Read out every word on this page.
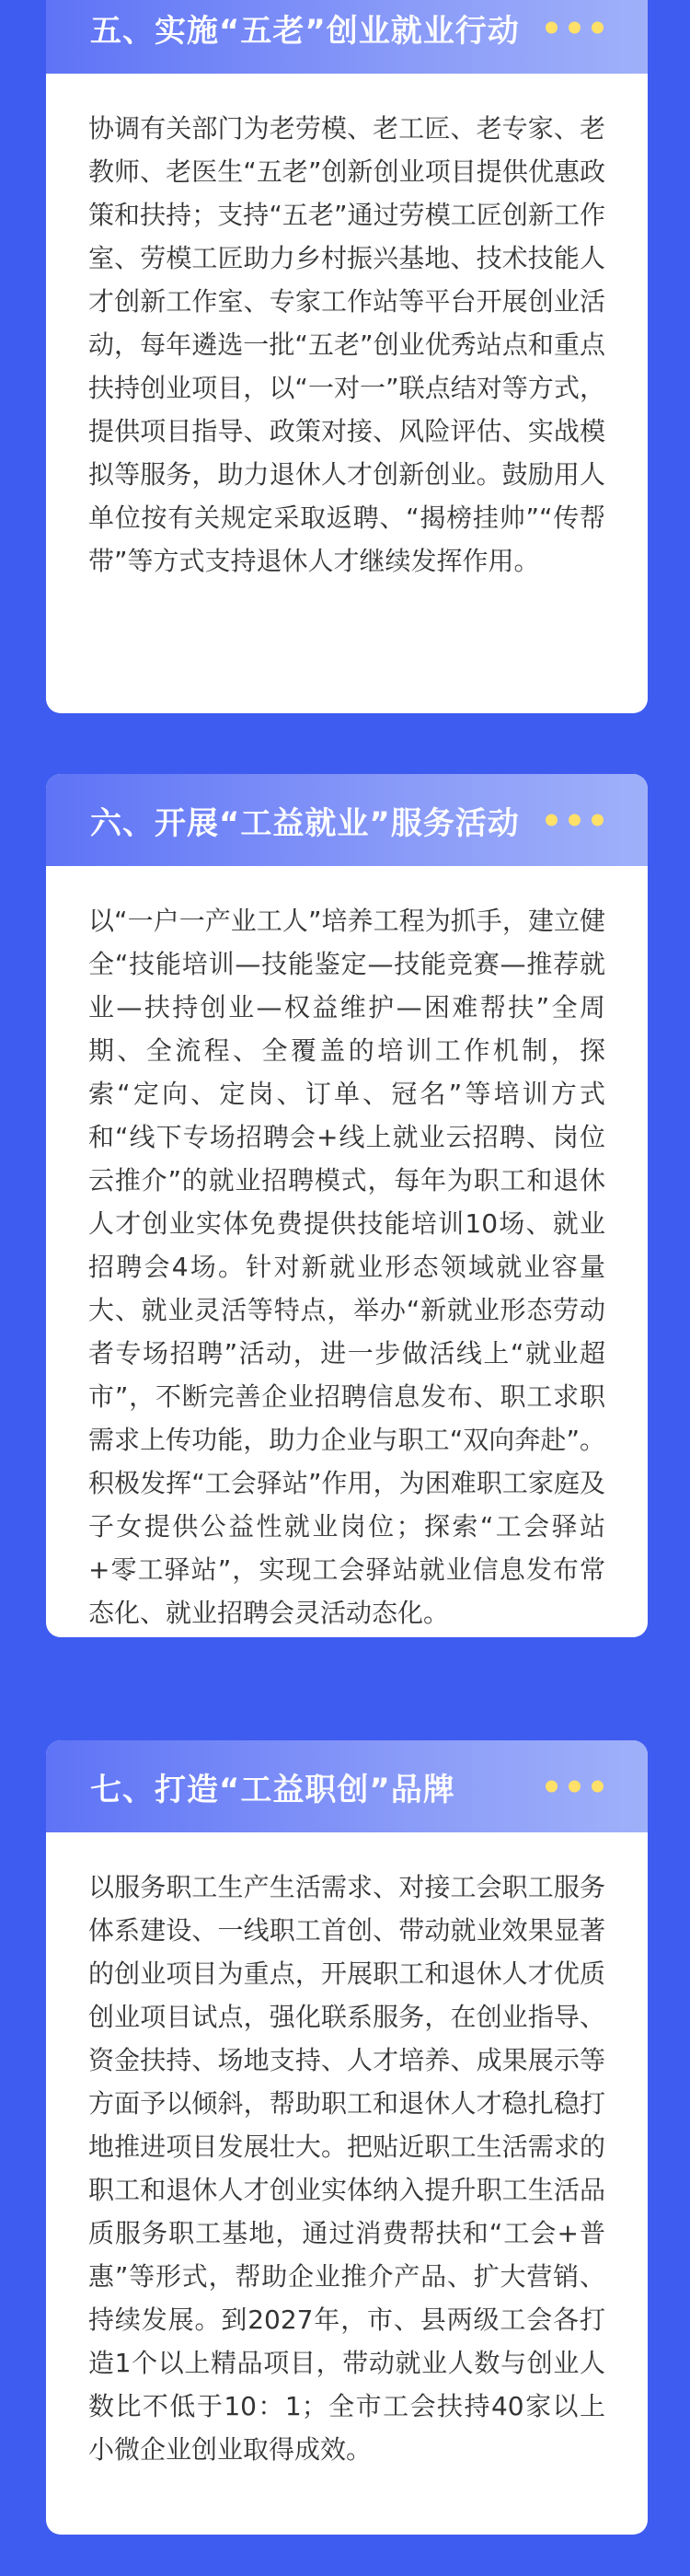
五、实施“五老”创业就业行动
协调有关部门为老劳模、老工匠、老专家、老教师、老医生“五老”创新创业项目提供优惠政策和扶持；支持“五老”通过劳模工匠创新工作室、劳模工匠助力乡村振兴基地、技术技能人才创新工作室、专家工作站等平台开展创业活动，每年遴选一批“五老”创业优秀站点和重点扶持创业项目，以“一对一”联点结对等方式，提供项目指导、政策对接、风险评估、实战模拟等服务，助力退休人才创新创业。鼓励用人单位按有关规定采取返聘、“揭榜挂帅”“传帮带”等方式支持退休人才继续发挥作用。
六、开展“工益就业”服务活动
以“一户一产业工人”培养工程为抓手，建立健全“技能培训—技能鉴定—技能竞赛—推荐就业—扶持创业—权益维护—困难帮扶”全周期、全流程、全覆盖的培训工作机制，探索“定向、定岗、订单、冠名”等培训方式和“线下专场招聘会+线上就业云招聘、岗位云推介”的就业招聘模式，每年为职工和退休人才创业实体免费提供技能培训10场、就业招聘会4场。针对新就业形态领域就业容量大、就业灵活等特点，举办“新就业形态劳动者专场招聘”活动，进一步做活线上“就业超市”，不断完善企业招聘信息发布、职工求职需求上传功能，助力企业与职工“双向奔赴”。积极发挥“工会驿站”作用，为困难职工家庭及子女提供公益性就业岗位；探索“工会驿站+零工驿站”，实现工会驿站就业信息发布常态化、就业招聘会灵活动态化。
七、打造“工益职创”品牌
以服务职工生产生活需求、对接工会职工服务体系建设、一线职工首创、带动就业效果显著的创业项目为重点，开展职工和退休人才优质创业项目试点，强化联系服务，在创业指导、资金扶持、场地支持、人才培养、成果展示等方面予以倾斜，帮助职工和退休人才稳扎稳打地推进项目发展壮大。把贴近职工生活需求的职工和退休人才创业实体纳入提升职工生活品质服务职工基地，通过消费帮扶和“工会+普惠”等形式，帮助企业推介产品、扩大营销、持续发展。到2027年，市、县两级工会各打造1个以上精品项目，带动就业人数与创业人数比不低于10：1；全市工会扶持40家以上小微企业创业取得成效。
